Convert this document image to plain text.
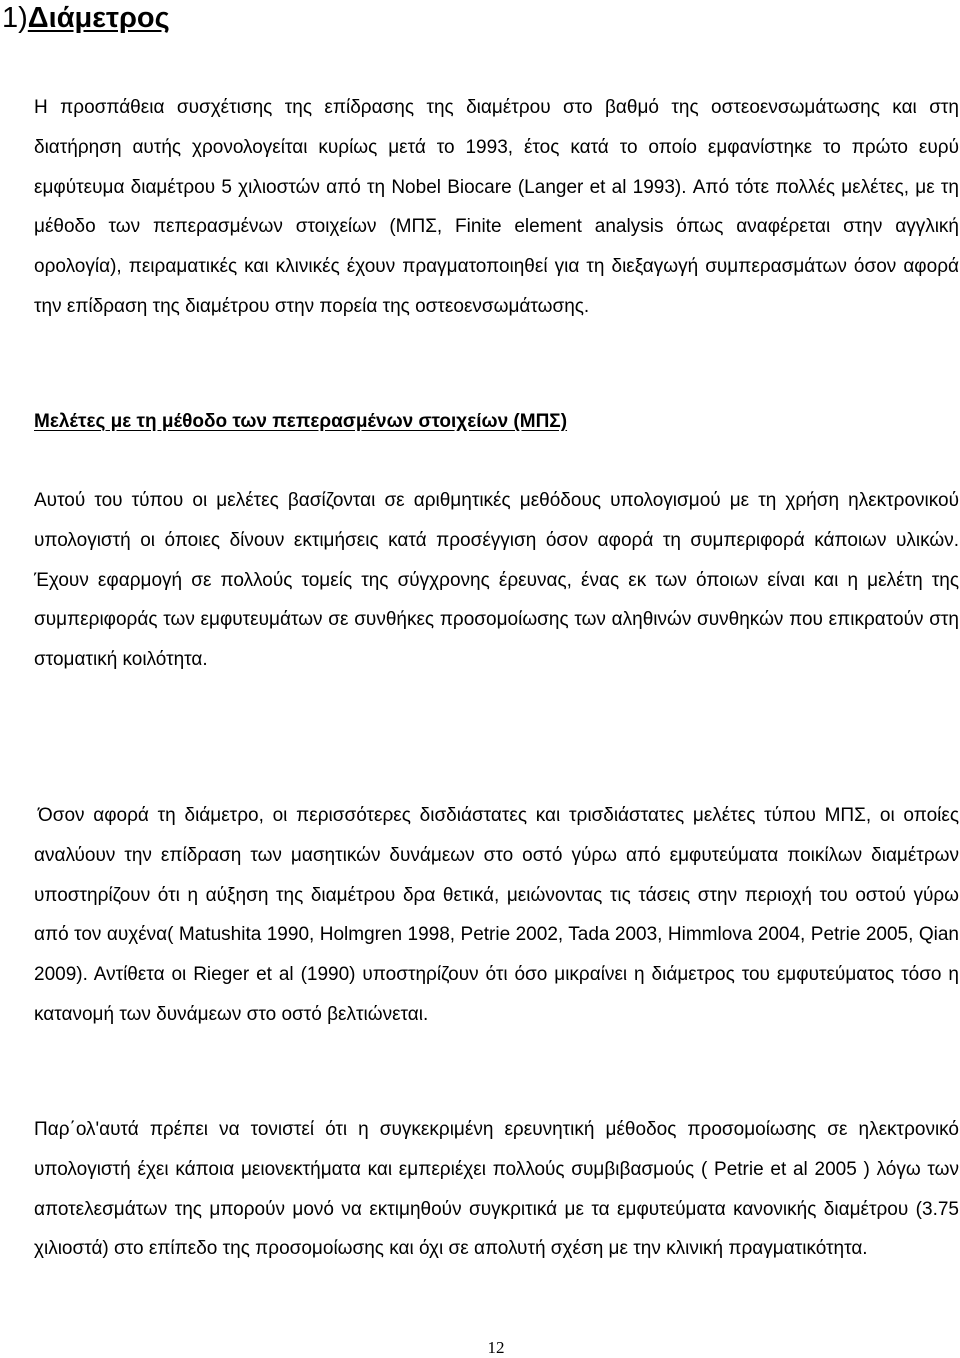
1)Διάμετρος

Η προσπάθεια συσχέτισης της επίδρασης της διαμέτρου στο βαθμό της οστεοενσωμάτωσης και στη διατήρηση αυτής χρονολογείται κυρίως μετά το 1993, έτος κατά το οποίο εμφανίστηκε το πρώτο ευρύ εμφύτευμα διαμέτρου 5 χιλιοστών από τη Nobel Biocare (Langer et al 1993). Από τότε πολλές μελέτες, με τη μέθοδο των πεπερασμένων στοιχείων (ΜΠΣ, Finite element analysis όπως αναφέρεται στην αγγλική ορολογία), πειραματικές και κλινικές έχουν πραγματοποιηθεί για τη διεξαγωγή συμπερασμάτων όσον αφορά την επίδραση της διαμέτρου στην πορεία της οστεοενσωμάτωσης.

Μελέτες με τη μέθοδο των πεπερασμένων στοιχείων (ΜΠΣ)

Αυτού του τύπου οι μελέτες βασίζονται σε αριθμητικές μεθόδους υπολογισμού με τη χρήση ηλεκτρονικού υπολογιστή οι όποιες δίνουν εκτιμήσεις κατά προσέγγιση όσον αφορά τη συμπεριφορά κάποιων υλικών. Έχουν εφαρμογή σε πολλούς τομείς της σύγχρονης έρευνας, ένας εκ των όποιων είναι και η μελέτη της συμπεριφοράς των εμφυτευμάτων σε συνθήκες προσομοίωσης των αληθινών συνθηκών που επικρατούν στη στοματική κοιλότητα.

Όσον αφορά τη διάμετρο, οι περισσότερες δισδιάστατες και τρισδιάστατες μελέτες τύπου ΜΠΣ, οι οποίες αναλύουν την επίδραση των μασητικών δυνάμεων στο οστό γύρω από εμφυτεύματα ποικίλων διαμέτρων υποστηρίζουν ότι η αύξηση της διαμέτρου δρα θετικά, μειώνοντας τις τάσεις στην περιοχή του οστού γύρω από τον αυχένα( Matushita 1990, Holmgren 1998, Petrie 2002, Tada 2003, Himmlova 2004, Petrie 2005, Qian 2009). Αντίθετα οι Rieger et al (1990) υποστηρίζουν ότι όσο μικραίνει η διάμετρος του εμφυτεύματος τόσο η κατανομή των δυνάμεων στο οστό βελτιώνεται.

Παρ΄ολ'αυτά πρέπει να τονιστεί ότι η συγκεκριμένη ερευνητική μέθοδος προσομοίωσης σε ηλεκτρονικό υπολογιστή έχει κάποια μειονεκτήματα και εμπεριέχει πολλούς συμβιβασμούς ( Petrie et al 2005 ) λόγω των αποτελεσμάτων της μπορούν μονό να εκτιμηθούν συγκριτικά με τα εμφυτεύματα κανονικής διαμέτρου (3.75 χιλιοστά) στο επίπεδο της προσομοίωσης και όχι σε απολυτή σχέση με την κλινική πραγματικότητα.

12
